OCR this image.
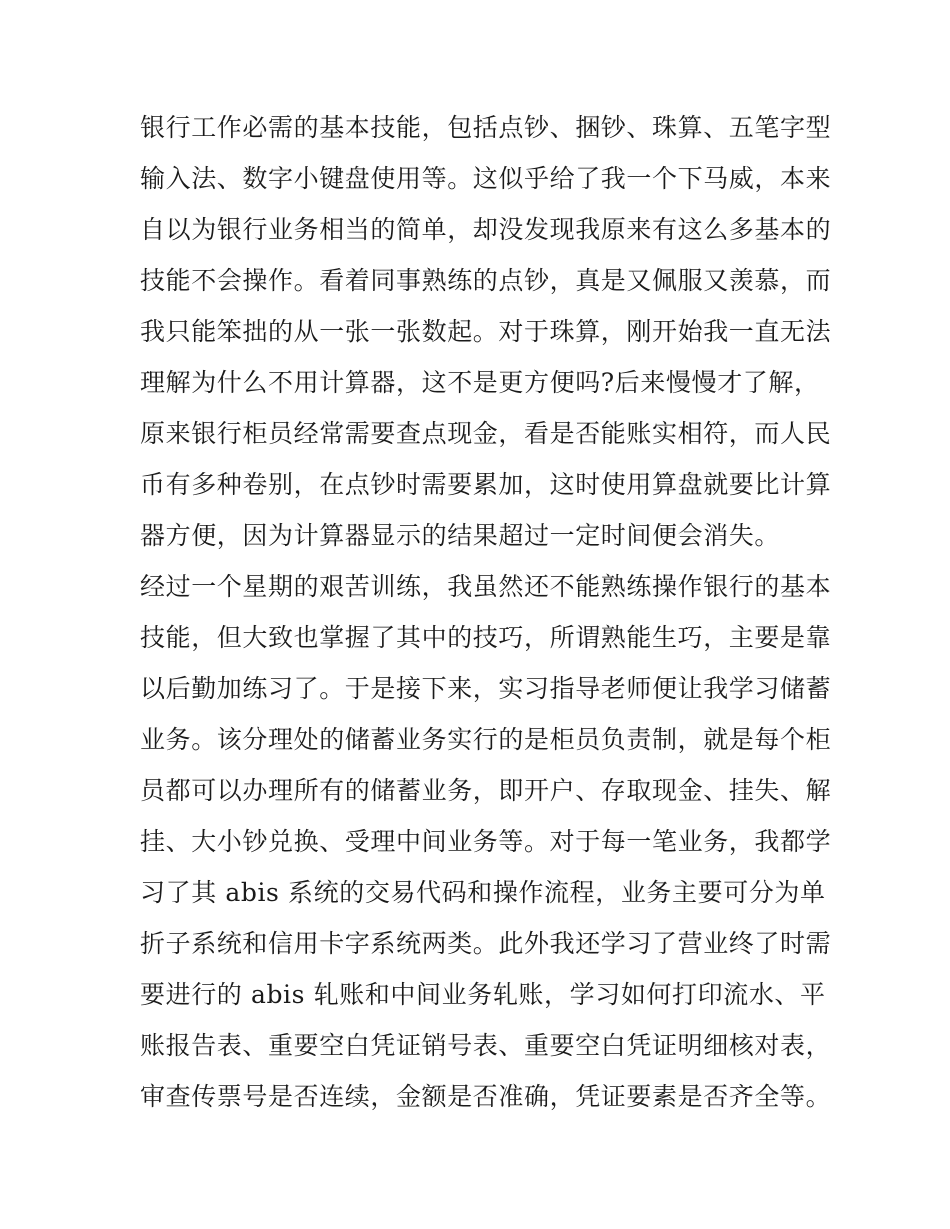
银行工作必需的基本技能，包括点钞、捆钞、珠算、五笔字型
输入法、数字小键盘使用等。这似乎给了我一个下马威，本来
自以为银行业务相当的简单，却没发现我原来有这么多基本的
技能不会操作。看着同事熟练的点钞，真是又佩服又羡慕，而
我只能笨拙的从一张一张数起。对于珠算，刚开始我一直无法
理解为什么不用计算器，这不是更方便吗?后来慢慢才了解，
原来银行柜员经常需要查点现金，看是否能账实相符，而人民
币有多种卷别，在点钞时需要累加，这时使用算盘就要比计算
器方便，因为计算器显示的结果超过一定时间便会消失。
经过一个星期的艰苦训练，我虽然还不能熟练操作银行的基本
技能，但大致也掌握了其中的技巧，所谓熟能生巧，主要是靠
以后勤加练习了。于是接下来，实习指导老师便让我学习储蓄
业务。该分理处的储蓄业务实行的是柜员负责制，就是每个柜
员都可以办理所有的储蓄业务，即开户、存取现金、挂失、解
挂、大小钞兑换、受理中间业务等。对于每一笔业务，我都学
习了其 abis 系统的交易代码和操作流程，业务主要可分为单
折子系统和信用卡字系统两类。此外我还学习了营业终了时需
要进行的 abis 轧账和中间业务轧账，学习如何打印流水、平
账报告表、重要空白凭证销号表、重要空白凭证明细核对表，
审查传票号是否连续，金额是否准确，凭证要素是否齐全等。
